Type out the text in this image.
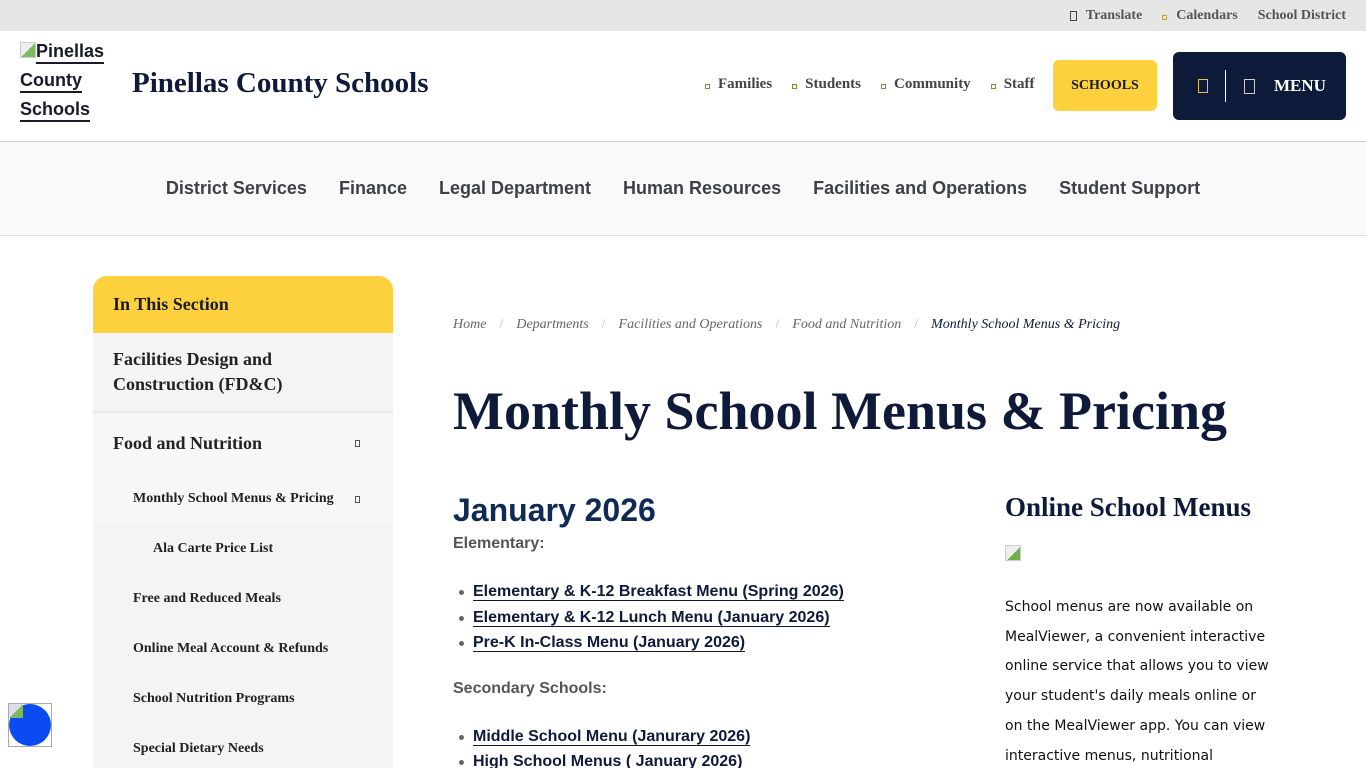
Translate Calendars School District
Pinellas
County
Schools
Pinellas County Schools	Families Students Community Staff	SCHOOLS	MENU
District Services Finance Legal Department Human Resources Facilities and Operations Student Support
In This Section
Facilities Design and Construction (FD&C)
Food and Nutrition
Monthly School Menus & Pricing
Ala Carte Price List
Free and Reduced Meals
Online Meal Account & Refunds
School Nutrition Programs
Special Dietary Needs
Home / Departments / Facilities and Operations / Food and Nutrition / Monthly School Menus & Pricing
Monthly School Menus & Pricing
January 2026
Elementary:
Elementary & K-12 Breakfast Menu (Spring 2026)
Elementary & K-12 Lunch Menu (January 2026)
Pre-K In-Class Menu (January 2026)
Secondary Schools:
Middle School Menu (Janurary 2026)
High School Menus ( January 2026)
Online School Menus

School menus are now available on MealViewer, a convenient interactive online service that allows you to view your student's daily meals online or on the MealViewer app. You can view interactive menus, nutritional
